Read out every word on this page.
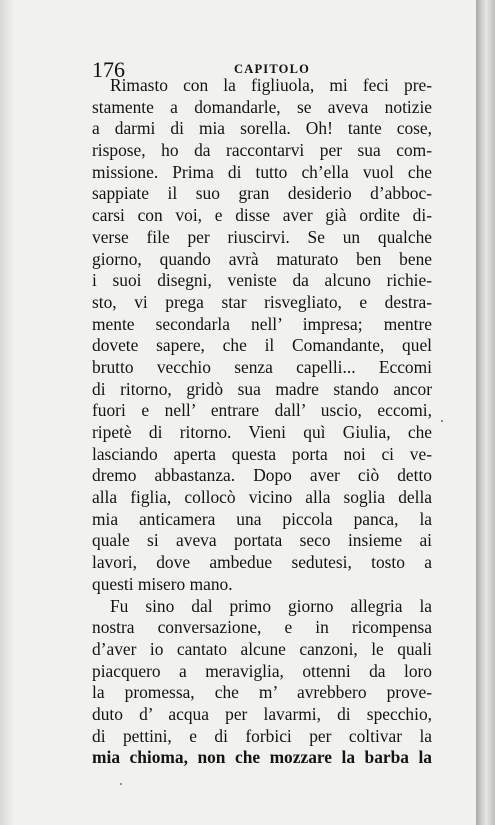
176	CAPITOLO
Rimasto con la figliuola, mi feci pre-
stamente a domandarle, se aveva notizie
a darmi di mia sorella. Oh! tante cose,
rispose, ho da raccontarvi per sua com-
missione. Prima di tutto ch’ella vuol che
sappiate il suo gran desiderio d’abboc-
carsi con voi, e disse aver già ordite di-
verse file per riuscirvi. Se un qualche
giorno, quando avrà maturato ben bene
i suoi disegni, veniste da alcuno richie-
sto, vi prega star risvegliato, e destra-
mente secondarla nell’ impresa; mentre
dovete sapere, che il Comandante, quel
brutto vecchio senza capelli... Eccomi
di ritorno, gridò sua madre stando ancor
fuori e nell’ entrare dall’ uscio, eccomi,
ripetè di ritorno. Vieni quì Giulia, che
lasciando aperta questa porta noi ci ve-
dremo abbastanza. Dopo aver ciò detto
alla figlia, collocò vicino alla soglia della
mia anticamera una piccola panca, la
quale si aveva portata seco insieme ai
lavori, dove ambedue sedutesi, tosto a
questi misero mano.
Fu sino dal primo giorno allegria la
nostra conversazione, e in ricompensa
d’aver io cantato alcune canzoni, le quali
piacquero a meraviglia, ottenni da loro
la promessa, che m’ avrebbero prove-
duto d’ acqua per lavarmi, di specchio,
di pettini, e di forbici per coltivar la
mia chioma, non che mozzare la barba la
